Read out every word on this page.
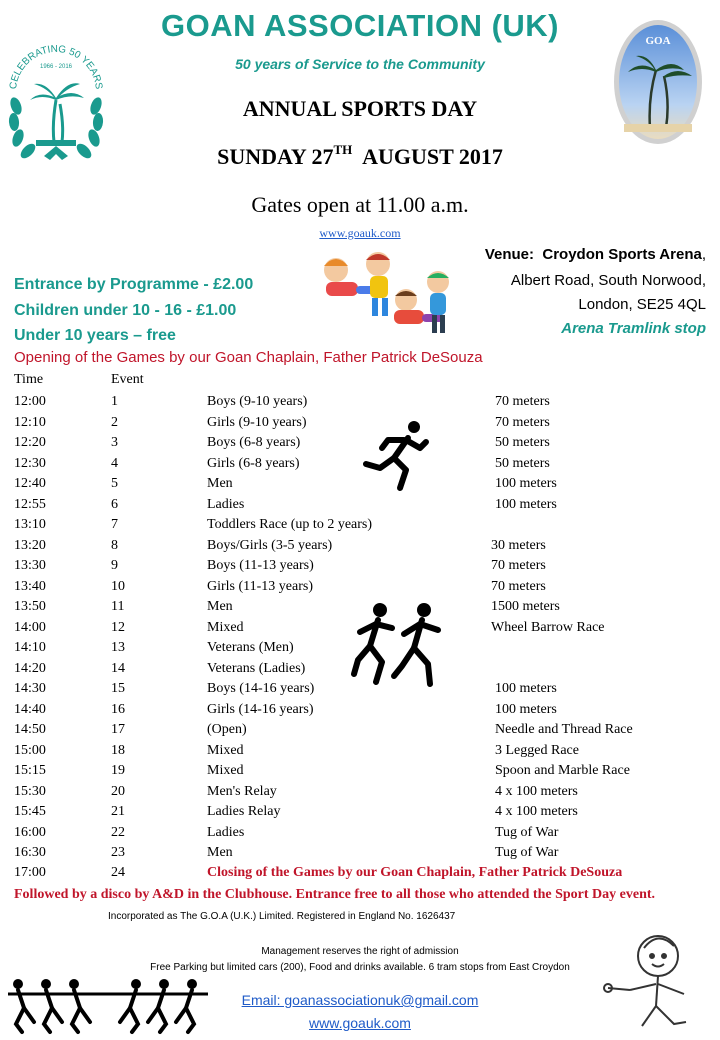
CELEBRATING 50 YEARS
1966 - 2016
GOA
GOAN ASSOCIATION (UK)
50 years of Service to the Community
ANNUAL SPORTS DAY
SUNDAY 27TH  AUGUST 2017
Gates open at 11.00 a.m.
www.goauk.com
Entrance by Programme - £2.00
Children under 10 - 16 - £1.00
Under 10 years – free
Venue: Croydon Sports Arena,
Albert Road, South Norwood,
London, SE25 4QL
Arena Tramlink stop
Opening of the Games by our Goan Chaplain, Father Patrick DeSouza
Time	Event
12:00	1	Boys (9-10 years)	70 meters
12:10	2	Girls (9-10 years)	70 meters
12:20	3	Boys (6-8 years)	50 meters
12:30	4	Girls (6-8 years)	50 meters
12:40	5	Men	100 meters
12:55	6	Ladies	100 meters
13:10	7	Toddlers Race (up to 2 years)
13:20	8	Boys/Girls (3-5 years)	30 meters
13:30	9	Boys (11-13 years)	70 meters
13:40	10	Girls (11-13 years)	70 meters
13:50	11	Men	1500 meters
14:00	12	Mixed	Wheel Barrow Race
14:10	13	Veterans (Men)
14:20	14	Veterans (Ladies)
14:30	15	Boys (14-16 years)	100 meters
14:40	16	Girls (14-16 years)	100 meters
14:50	17	(Open)	Needle and Thread Race
15:00	18	Mixed	3 Legged Race
15:15	19	Mixed	Spoon and Marble Race
15:30	20	Men's Relay	4 x 100 meters
15:45	21	Ladies Relay	4 x 100 meters
16:00	22	Ladies	Tug of War
16:30	23	Men	Tug of War
17:00	24	Closing of the Games by our Goan Chaplain, Father Patrick DeSouza
Followed by a disco by A&D in the Clubhouse. Entrance free to all those who attended the Sport Day event.
Incorporated as The G.O.A (U.K.) Limited. Registered in England No. 1626437
Management reserves the right of admission
Free Parking but limited cars (200), Food and drinks available. 6 tram stops from East Croydon
Email: goanassociationuk@gmail.com
www.goauk.com
